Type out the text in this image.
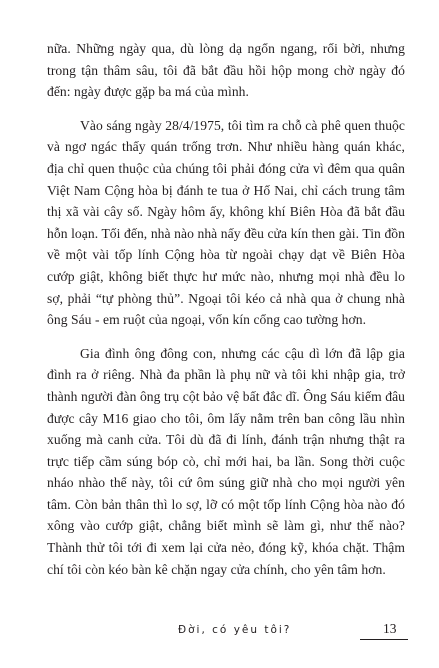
nữa. Những ngày qua, dù lòng dạ ngổn ngang, rối bời, nhưng trong tận thâm sâu, tôi đã bắt đầu hồi hộp mong chờ ngày đó đến: ngày được gặp ba má của mình.

Vào sáng ngày 28/4/1975, tôi tìm ra chỗ cà phê quen thuộc và ngơ ngác thấy quán trống trơn. Như nhiều hàng quán khác, địa chỉ quen thuộc của chúng tôi phải đóng cửa vì đêm qua quân Việt Nam Cộng hòa bị đánh te tua ở Hố Nai, chỉ cách trung tâm thị xã vài cây số. Ngày hôm ấy, không khí Biên Hòa đã bắt đầu hỗn loạn. Tối đến, nhà nào nhà nấy đều cửa kín then gài. Tin đồn về một vài tốp lính Cộng hòa từ ngoài chạy dạt về Biên Hòa cướp giật, không biết thực hư mức nào, nhưng mọi nhà đều lo sợ, phải “tự phòng thủ”. Ngoại tôi kéo cả nhà qua ở chung nhà ông Sáu - em ruột của ngoại, vốn kín cổng cao tường hơn.

Gia đình ông đông con, nhưng các cậu dì lớn đã lập gia đình ra ở riêng. Nhà đa phần là phụ nữ và tôi khi nhập gia, trở thành người đàn ông trụ cột bảo vệ bất đắc dĩ. Ông Sáu kiếm đâu được cây M16 giao cho tôi, ôm lấy nằm trên ban công lầu nhìn xuống mà canh cửa. Tôi dù đã đi lính, đánh trận nhưng thật ra trực tiếp cầm súng bóp cò, chỉ mới hai, ba lần. Song thời cuộc nháo nhào thế này, tôi cứ ôm súng giữ nhà cho mọi người yên tâm. Còn bản thân thì lo sợ, lỡ có một tốp lính Cộng hòa nào đó xông vào cướp giật, chẳng biết mình sẽ làm gì, như thế nào? Thành thử tôi tới đi xem lại cửa nẻo, đóng kỹ, khóa chặt. Thậm chí tôi còn kéo bàn kê chặn ngay cửa chính, cho yên tâm hơn.

Đời, có yêu tôi?	13
